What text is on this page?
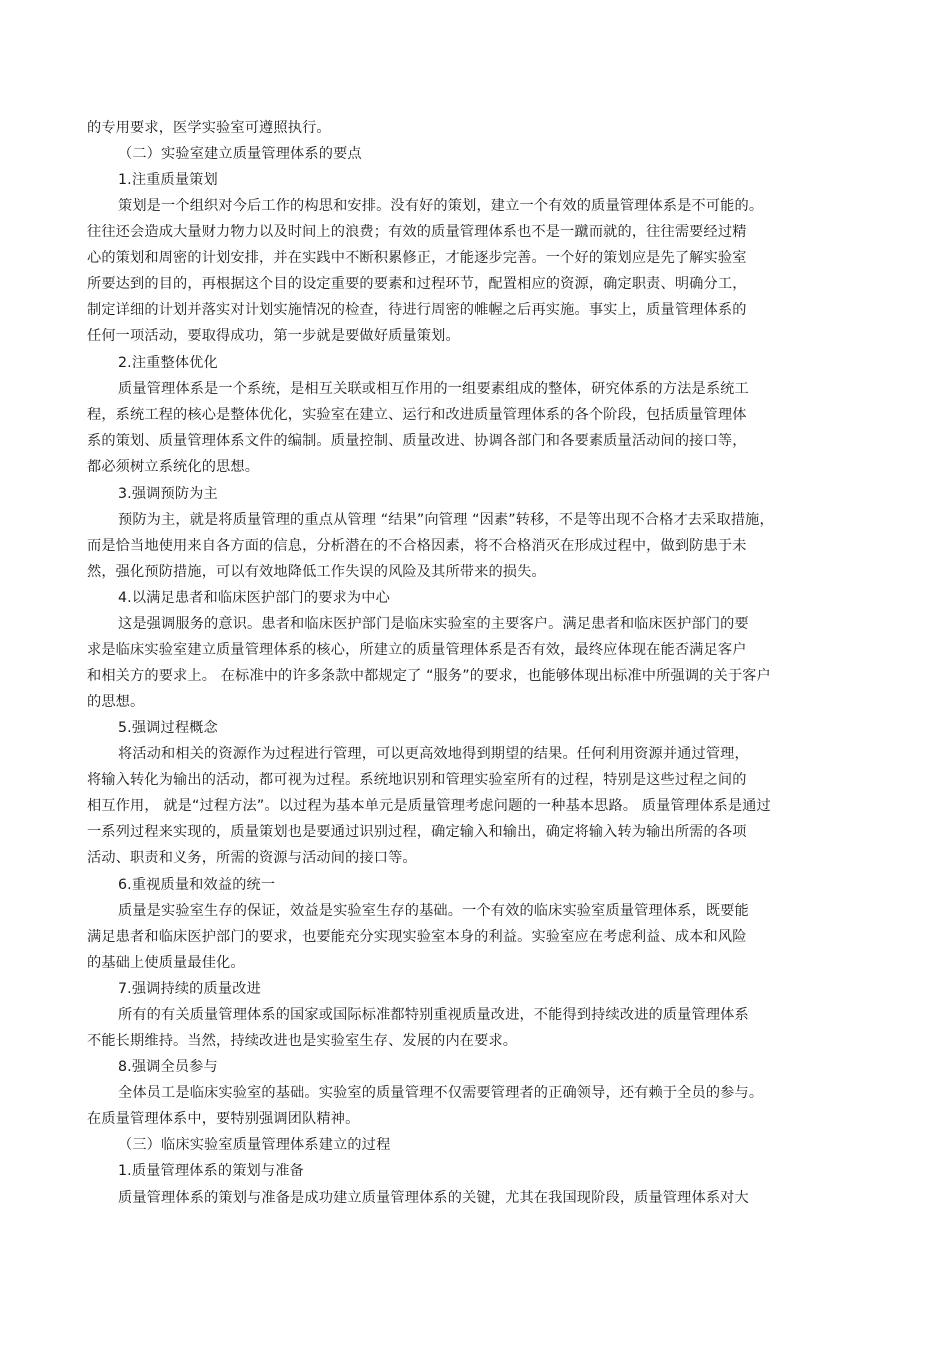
的专用要求，医学实验室可遵照执行。
（二）实验室建立质量管理体系的要点
1.注重质量策划
策划是一个组织对今后工作的构思和安排。没有好的策划，建立一个有效的质量管理体系是不可能的。
往往还会造成大量财力物力以及时间上的浪费；有效的质量管理体系也不是一蹴而就的，往往需要经过精
心的策划和周密的计划安排，并在实践中不断积累修正，才能逐步完善。一个好的策划应是先了解实验室
所要达到的目的，再根据这个目的设定重要的要素和过程环节，配置相应的资源，确定职责、明确分工，
制定详细的计划并落实对计划实施情况的检查，待进行周密的帷幄之后再实施。事实上，质量管理体系的
任何一项活动，要取得成功，第一步就是要做好质量策划。
2.注重整体优化
质量管理体系是一个系统，是相互关联或相互作用的一组要素组成的整体，研究体系的方法是系统工
程，系统工程的核心是整体优化，实验室在建立、运行和改进质量管理体系的各个阶段，包括质量管理体
系的策划、质量管理体系文件的编制。质量控制、质量改进、协调各部门和各要素质量活动间的接口等，
都必须树立系统化的思想。
3.强调预防为主
预防为主，就是将质量管理的重点从管理 “结果”向管理 “因素”转移，不是等出现不合格才去采取措施，
而是恰当地使用来自各方面的信息，分析潜在的不合格因素，将不合格消灭在形成过程中，做到防患于未
然，强化预防措施，可以有效地降低工作失误的风险及其所带来的损失。
4.以满足患者和临床医护部门的要求为中心
这是强调服务的意识。患者和临床医护部门是临床实验室的主要客户。满足患者和临床医护部门的要
求是临床实验室建立质量管理体系的核心，所建立的质量管理体系是否有效，最终应体现在能否满足客户
和相关方的要求上。 在标准中的许多条款中都规定了 “服务”的要求，也能够体现出标准中所强调的关于客户
的思想。
5.强调过程概念
将活动和相关的资源作为过程进行管理，可以更高效地得到期望的结果。任何利用资源并通过管理，
将输入转化为输出的活动，都可视为过程。系统地识别和管理实验室所有的过程，特别是这些过程之间的
相互作用， 就是“过程方法”。以过程为基本单元是质量管理考虑问题的一种基本思路。 质量管理体系是通过
一系列过程来实现的，质量策划也是要通过识别过程，确定输入和输出，确定将输入转为输出所需的各项
活动、职责和义务，所需的资源与活动间的接口等。
6.重视质量和效益的统一
质量是实验室生存的保证，效益是实验室生存的基础。一个有效的临床实验室质量管理体系，既要能
满足患者和临床医护部门的要求，也要能充分实现实验室本身的利益。实验室应在考虑利益、成本和风险
的基础上使质量最佳化。
7.强调持续的质量改进
所有的有关质量管理体系的国家或国际标准都特别重视质量改进，不能得到持续改进的质量管理体系
不能长期维持。当然，持续改进也是实验室生存、发展的内在要求。
8.强调全员参与
全体员工是临床实验室的基础。实验室的质量管理不仅需要管理者的正确领导，还有赖于全员的参与。
在质量管理体系中，要特别强调团队精神。
（三）临床实验室质量管理体系建立的过程
1.质量管理体系的策划与准备
质量管理体系的策划与准备是成功建立质量管理体系的关键，尤其在我国现阶段，质量管理体系对大
